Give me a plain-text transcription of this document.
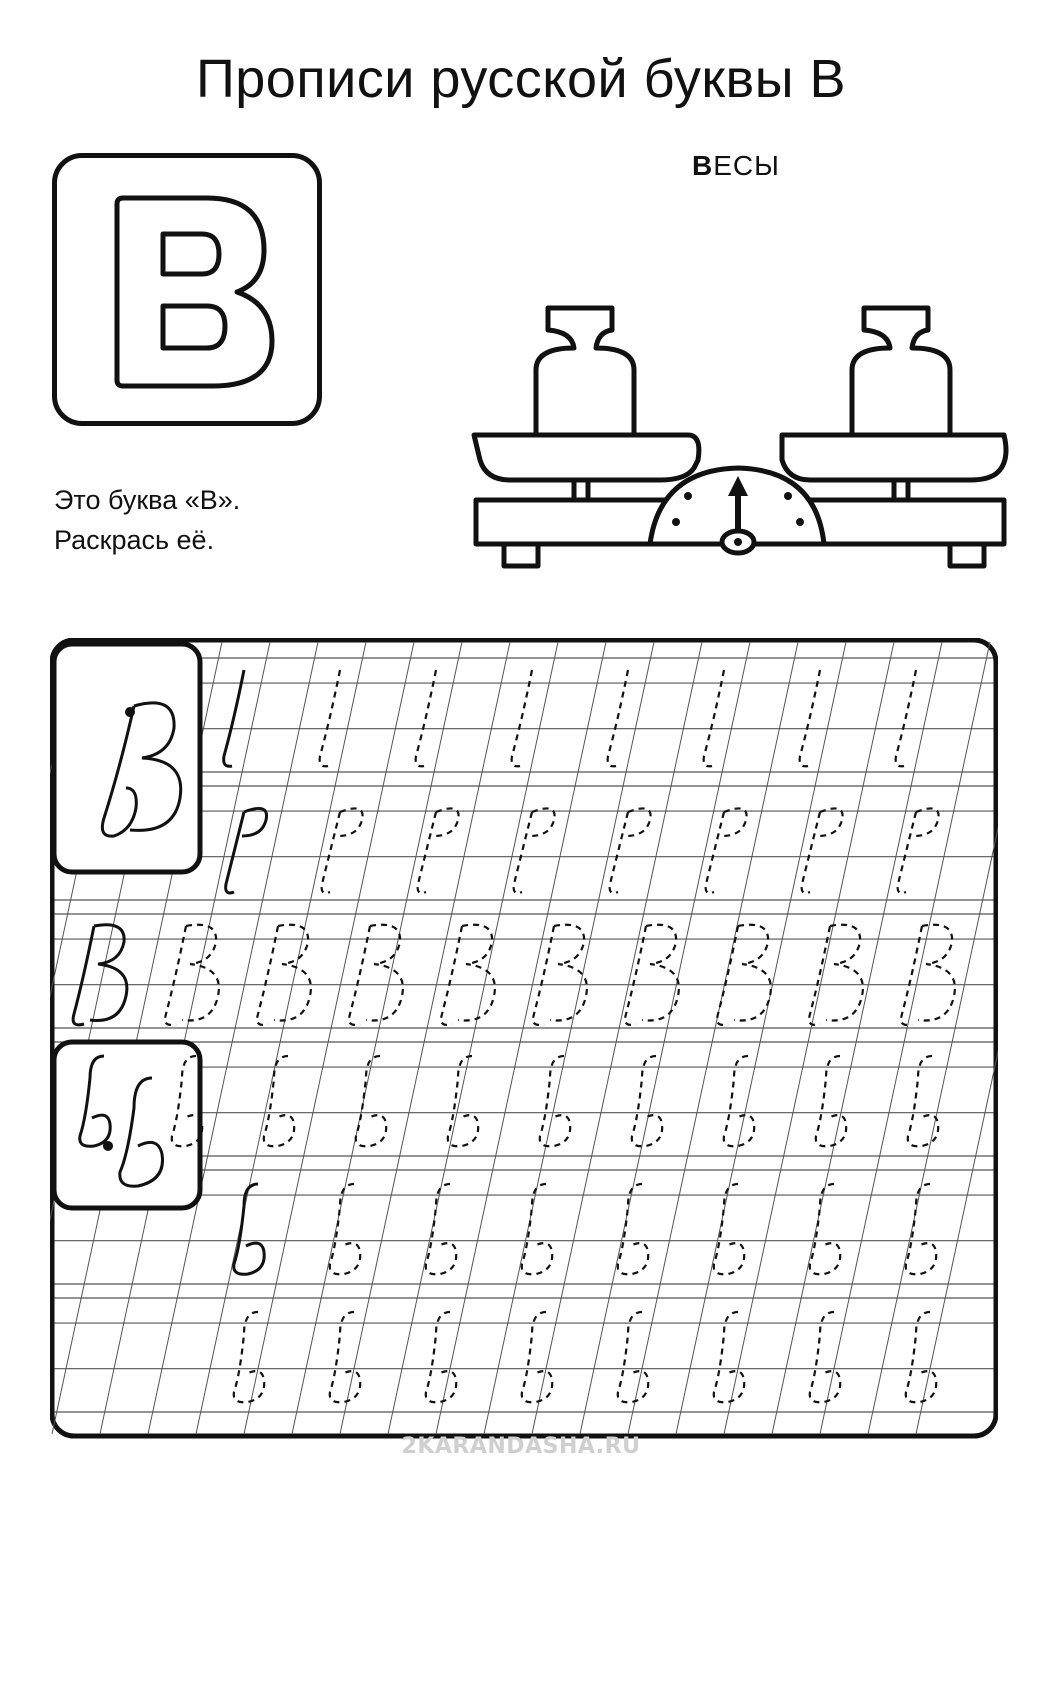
Прописи русской буквы В
ВЕСЫ
Это буква «В».
Раскрась её.
2KARANDASHA.RU
